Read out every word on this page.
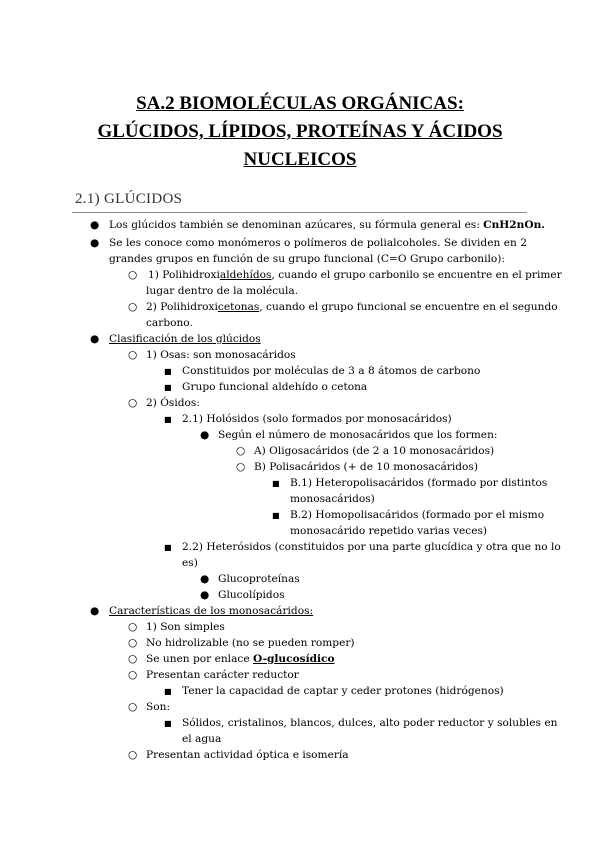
SA.2 BIOMOLÉCULAS ORGÁNICAS:
GLÚCIDOS, LÍPIDOS, PROTEÍNAS Y ÁCIDOS
NUCLEICOS
2.1) GLÚCIDOS
● Los glúcidos también se denominan azúcares, su fórmula general es: CnH2nOn.
● Se les conoce como monómeros o polímeros de polialcoholes. Se dividen en 2
grandes grupos en función de su grupo funcional (C=O Grupo carbonilo):
○ 1) Polihidroxialdehídos, cuando el grupo carbonilo se encuentre en el primer
lugar dentro de la molécula.
○ 2) Polihidroxicetonas, cuando el grupo funcional se encuentre en el segundo
carbono.
● Clasificación de los glúcidos
○ 1) Osas: son monosacáridos
■ Constituidos por moléculas de 3 a 8 átomos de carbono
■ Grupo funcional aldehído o cetona
○ 2) Ósidos:
■ 2.1) Holósidos (solo formados por monosacáridos)
● Según el número de monosacáridos que los formen:
○ A) Oligosacáridos (de 2 a 10 monosacáridos)
○ B) Polisacáridos (+ de 10 monosacáridos)
■ B.1) Heteropolisacáridos (formado por distintos
monosacáridos)
■ B.2) Homopolisacáridos (formado por el mismo
monosacárido repetido varias veces)
■ 2.2) Heterósidos (constituidos por una parte glucídica y otra que no lo
es)
● Glucoproteínas
● Glucolípidos
● Características de los monosacáridos:
○ 1) Son simples
○ No hidrolizable (no se pueden romper)
○ Se unen por enlace O-glucosídico
○ Presentan carácter reductor
■ Tener la capacidad de captar y ceder protones (hidrógenos)
○ Son:
■ Sólidos, cristalinos, blancos, dulces, alto poder reductor y solubles en
el agua
○ Presentan actividad óptica e isomería
